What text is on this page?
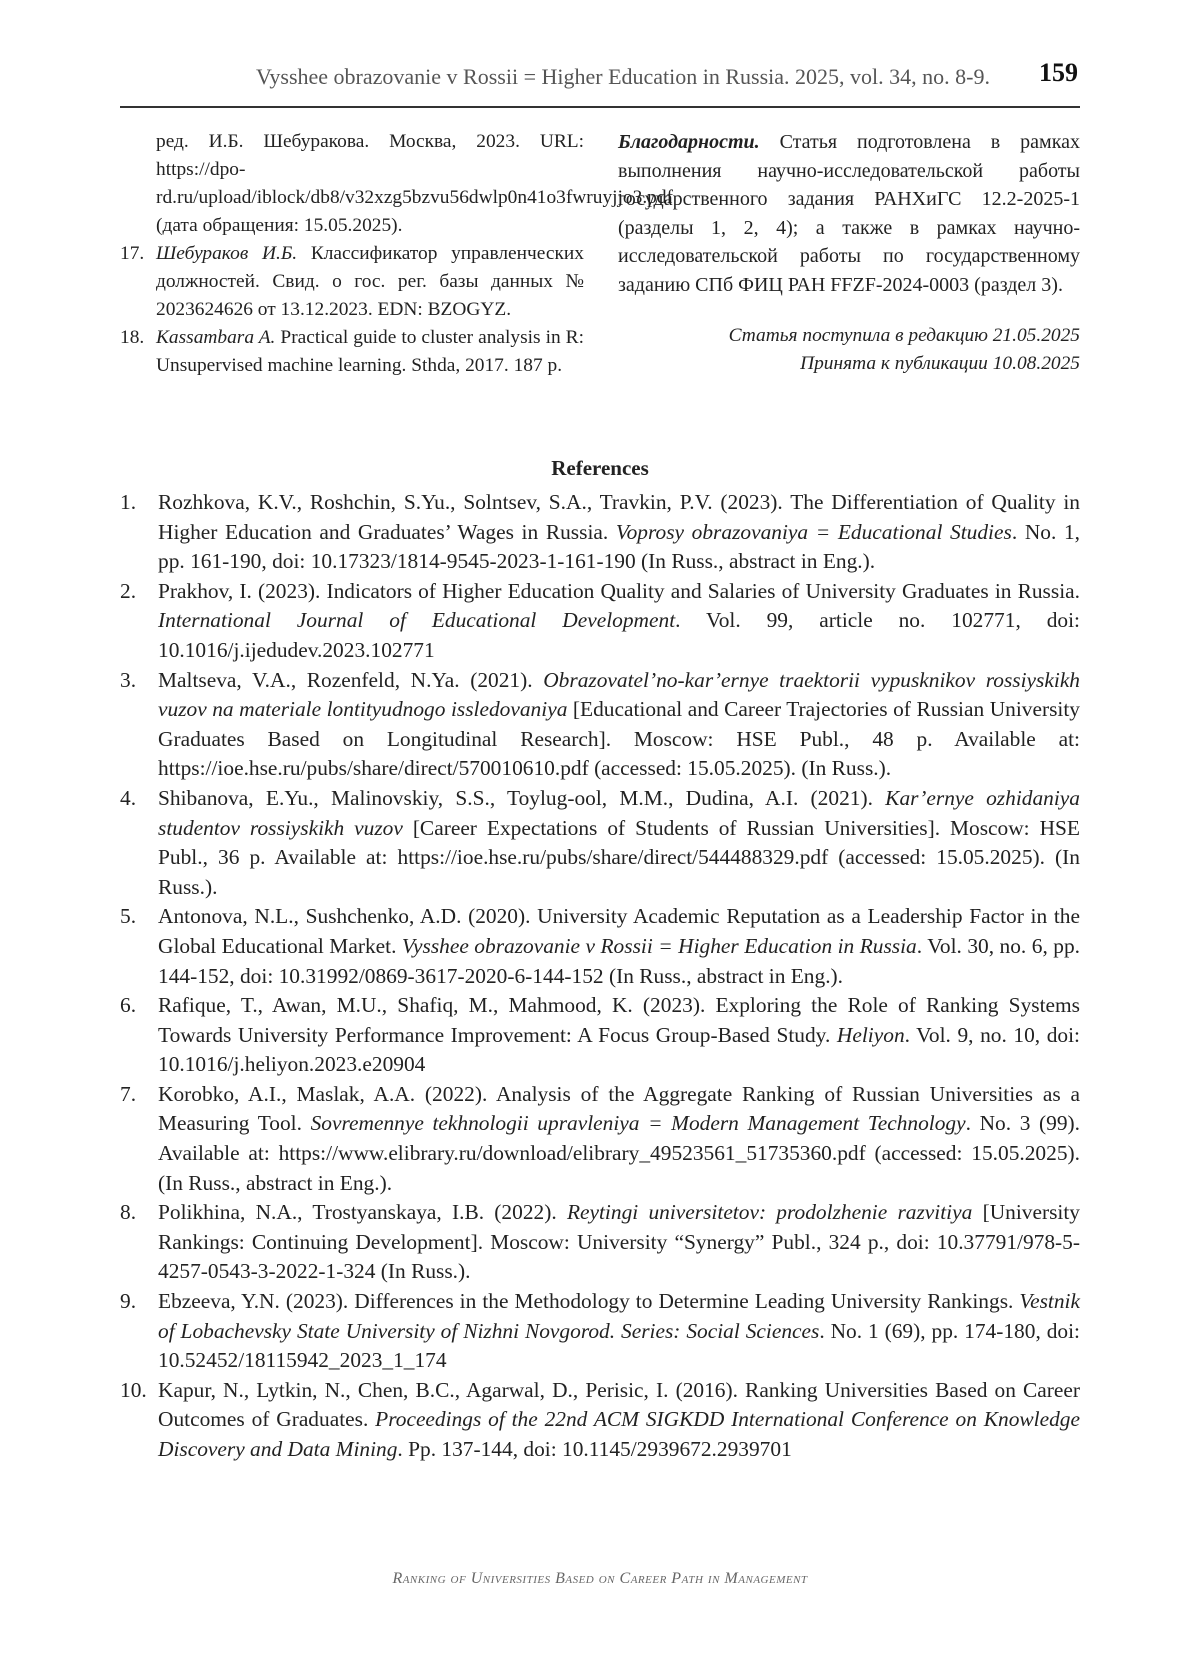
Vysshee obrazovanie v Rossii = Higher Education in Russia. 2025, vol. 34, no. 8-9. 159
ред. И.Б. Шебуракова. Москва, 2023. URL: https://dpo-rd.ru/upload/iblock/db8/v32xzg5bzvu56dwlp0n41o3fwruyjjo3.pdf (дата обращения: 15.05.2025).
17. Шебураков И.Б. Классификатор управленческих должностей. Свид. о гос. рег. базы данных № 2023624626 от 13.12.2023. EDN: BZOGYZ.
18. Kassambara A. Practical guide to cluster analysis in R: Unsupervised machine learning. Sthda, 2017. 187 p.
Благодарности. Статья подготовлена в рамках выполнения научно-исследовательской работы государственного задания РАНХиГС 12.2-2025-1 (разделы 1, 2, 4); а также в рамках научно-исследовательской работы по государственному заданию СПб ФИЦ РАН FFZF-2024-0003 (раздел 3).
Статья поступила в редакцию 21.05.2025
Принята к публикации 10.08.2025
References
1.	Rozhkova, K.V., Roshchin, S.Yu., Solntsev, S.A., Travkin, P.V. (2023). The Differentiation of Quality in Higher Education and Graduates’ Wages in Russia. Voprosy obrazovaniya = Educational Studies. No. 1, pp. 161-190, doi: 10.17323/1814-9545-2023-1-161-190 (In Russ., abstract in Eng.).
2.	Prakhov, I. (2023). Indicators of Higher Education Quality and Salaries of University Graduates in Russia. International Journal of Educational Development. Vol. 99, article no. 102771, doi: 10.1016/j.ijedudev.2023.102771
3.	Maltseva, V.A., Rozenfeld, N.Ya. (2021). Obrazovatel’no-kar’ernye traektorii vypusknikov rossiyskikh vuzov na materiale lontityudnogo issledovaniya [Educational and Career Trajectories of Russian University Graduates Based on Longitudinal Research]. Moscow: HSE Publ., 48 p. Available at: https://ioe.hse.ru/pubs/share/direct/570010610.pdf (accessed: 15.05.2025). (In Russ.).
4.	Shibanova, E.Yu., Malinovskiy, S.S., Toylug-ool, M.M., Dudina, A.I. (2021). Kar’ernye ozhidaniya studentov rossiyskikh vuzov [Career Expectations of Students of Russian Universities]. Moscow: HSE Publ., 36 p. Available at: https://ioe.hse.ru/pubs/share/direct/544488329.pdf (accessed: 15.05.2025). (In Russ.).
5.	Antonova, N.L., Sushchenko, A.D. (2020). University Academic Reputation as a Leadership Factor in the Global Educational Market. Vysshee obrazovanie v Rossii = Higher Education in Russia. Vol. 30, no. 6, pp. 144-152, doi: 10.31992/0869-3617-2020-6-144-152 (In Russ., abstract in Eng.).
6.	Rafique, T., Awan, M.U., Shafiq, M., Mahmood, K. (2023). Exploring the Role of Ranking Systems Towards University Performance Improvement: A Focus Group-Based Study. Heliyon. Vol. 9, no. 10, doi: 10.1016/j.heliyon.2023.e20904
7.	Korobko, A.I., Maslak, A.A. (2022). Analysis of the Aggregate Ranking of Russian Universities as a Measuring Tool. Sovremennye tekhnologii upravleniya = Modern Management Technology. No. 3 (99). Available at: https://www.elibrary.ru/download/elibrary_49523561_51735360.pdf (accessed: 15.05.2025). (In Russ., abstract in Eng.).
8.	Polikhina, N.A., Trostyanskaya, I.B. (2022). Reytingi universitetov: prodolzhenie razvitiya [University Rankings: Continuing Development]. Moscow: University “Synergy” Publ., 324 p., doi: 10.37791/978-5-4257-0543-3-2022-1-324 (In Russ.).
9.	Ebzeeva, Y.N. (2023). Differences in the Methodology to Determine Leading University Rankings. Vestnik of Lobachevsky State University of Nizhni Novgorod. Series: Social Sciences. No. 1 (69), pp. 174-180, doi: 10.52452/18115942_2023_1_174
10. Kapur, N., Lytkin, N., Chen, B.C., Agarwal, D., Perisic, I. (2016). Ranking Universities Based on Career Outcomes of Graduates. Proceedings of the 22nd ACM SIGKDD International Conference on Knowledge Discovery and Data Mining. Pp. 137-144, doi: 10.1145/2939672.2939701
Ranking of Universities Based on Career Path in Management
